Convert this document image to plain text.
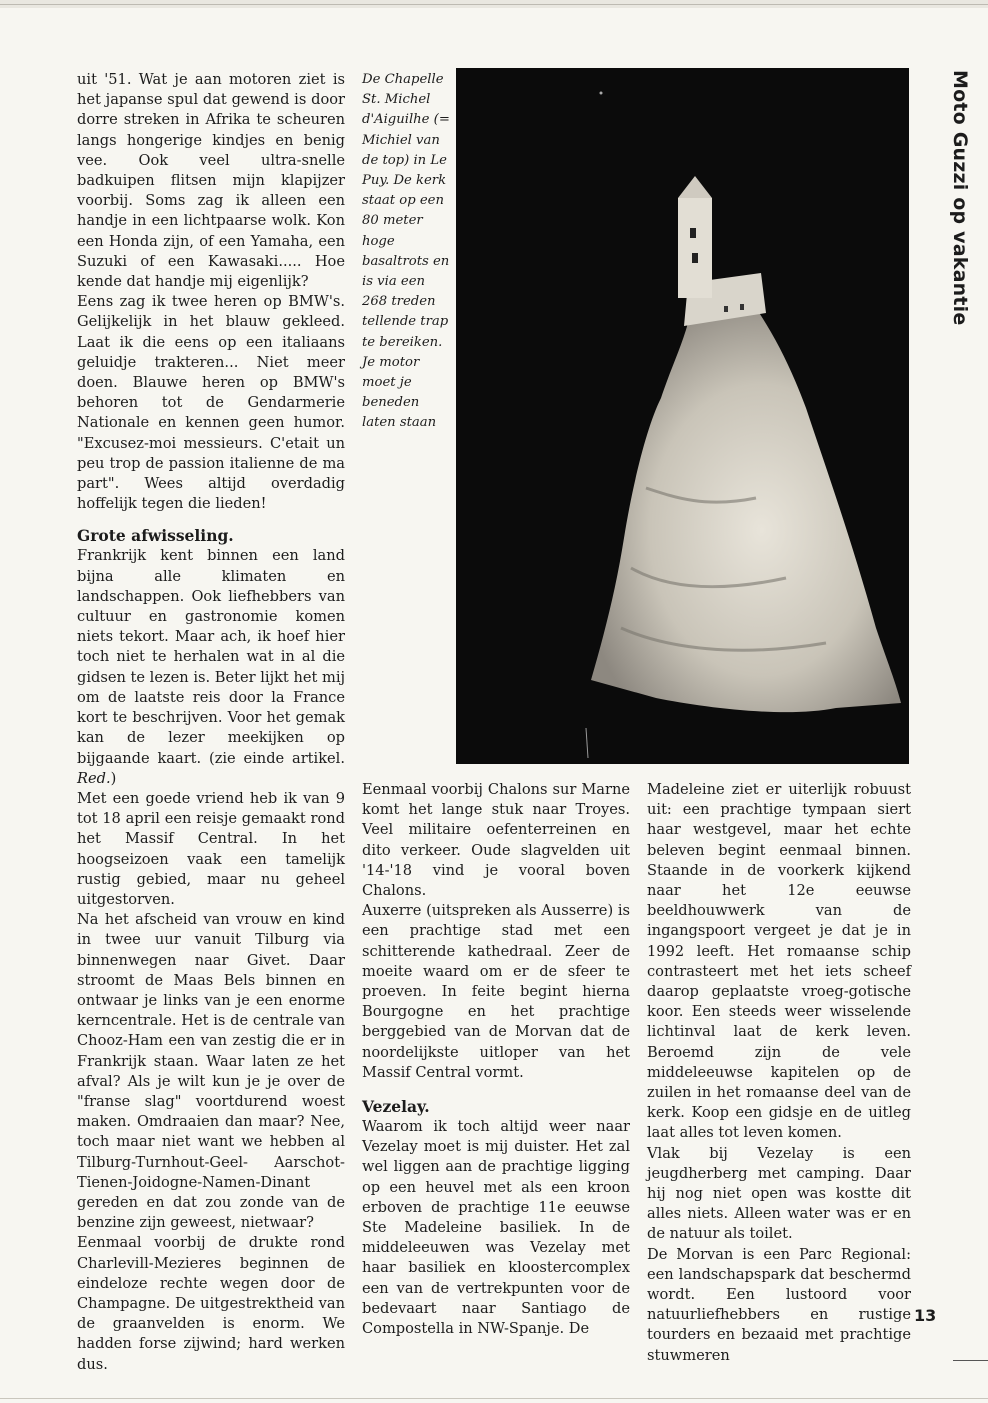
Moto Guzzi op vakantie

uit '51. Wat je aan motoren ziet is het japanse spul dat gewend is door dorre streken in Afrika te scheuren langs hongerige kindjes en benig vee. Ook veel ultra-snelle badkuipen flitsen mijn klapijzer voorbij. Soms zag ik alleen een handje in een lichtpaarse wolk. Kon een Honda zijn, of een Yamaha, een Suzuki of een Kawasaki..... Hoe kende dat handje mij eigenlijk?

Eens zag ik twee heren op BMW's. Gelijkelijk in het blauw gekleed. Laat ik die eens op een italiaans geluidje trakteren... Niet meer doen. Blauwe heren op BMW's behoren tot de Gendarmerie Nationale en kennen geen humor. "Excusez-moi messieurs. C'etait un peu trop de passion italienne de ma part". Wees altijd overdadig hoffelijk tegen die lieden!

Grote afwisseling.

Frankrijk kent binnen een land bijna alle klimaten en landschappen. Ook liefhebbers van cultuur en gastronomie komen niets tekort. Maar ach, ik hoef hier toch niet te herhalen wat in al die gidsen te lezen is. Beter lijkt het mij om de laatste reis door la France kort te beschrijven. Voor het gemak kan de lezer meekijken op bijgaande kaart. (zie einde artikel. Red.)

Met een goede vriend heb ik van 9 tot 18 april een reisje gemaakt rond het Massif Central. In het hoogseizoen vaak een tamelijk rustig gebied, maar nu geheel uitgestorven.

Na het afscheid van vrouw en kind in twee uur vanuit Tilburg via binnenwegen naar Givet. Daar stroomt de Maas Bels binnen en ontwaar je links van je een enorme kerncentrale. Het is de centrale van Chooz-Ham een van zestig die er in Frankrijk staan. Waar laten ze het afval? Als je wilt kun je je over de "franse slag" voortdurend woest maken. Omdraaien dan maar? Nee, toch maar niet want we hebben al Tilburg-Turnhout-Geel- Aarschot-Tienen-Joidogne-Namen-Dinant gereden en dat zou zonde van de benzine zijn geweest, nietwaar?

Eenmaal voorbij de drukte rond Charlevill-Mezieres beginnen de eindeloze rechte wegen door de Champagne. De uitgestrektheid van de graanvelden is enorm. We hadden forse zijwind; hard werken dus.

De Chapelle St. Michel d'Aiguilhe (= Michiel van de top) in Le Puy. De kerk staat op een 80 meter hoge basaltrots en is via een 268 treden tellende trap te bereiken. Je motor moet je beneden laten staan

Eenmaal voorbij Chalons sur Marne komt het lange stuk naar Troyes. Veel militaire oefenterreinen en dito verkeer. Oude slagvelden uit '14-'18 vind je vooral boven Chalons.

Auxerre (uitspreken als Ausserre) is een prachtige stad met een schitterende kathedraal. Zeer de moeite waard om er de sfeer te proeven. In feite begint hierna Bourgogne en het prachtige berggebied van de Morvan dat de noordelijkste uitloper van het Massif Central vormt.

Vezelay.

Waarom ik toch altijd weer naar Vezelay moet is mij duister. Het zal wel liggen aan de prachtige ligging op een heuvel met als een kroon erboven de prachtige 11e eeuwse Ste Madeleine basiliek. In de middeleeuwen was Vezelay met haar basiliek en kloostercomplex een van de vertrekpunten voor de bedevaart naar Santiago de Compostella in NW-Spanje. De

Madeleine ziet er uiterlijk robuust uit: een prachtige tympaan siert haar westgevel, maar het echte beleven begint eenmaal binnen. Staande in de voorkerk kijkend naar het 12e eeuwse beeldhouwwerk van de ingangspoort vergeet je dat je in 1992 leeft. Het romaanse schip contrasteert met het iets scheef daarop geplaatste vroeg-gotische koor. Een steeds weer wisselende lichtinval laat de kerk leven. Beroemd zijn de vele middeleeuwse kapitelen op de zuilen in het romaanse deel van de kerk. Koop een gidsje en de uitleg laat alles tot leven komen.

Vlak bij Vezelay is een jeugdherberg met camping. Daar hij nog niet open was kostte dit alles niets. Alleen water was er en de natuur als toilet.

De Morvan is een Parc Regional: een landschapspark dat beschermd wordt. Een lustoord voor natuurliefhebbers en rustige tourders en bezaaid met prachtige stuwmeren

13
